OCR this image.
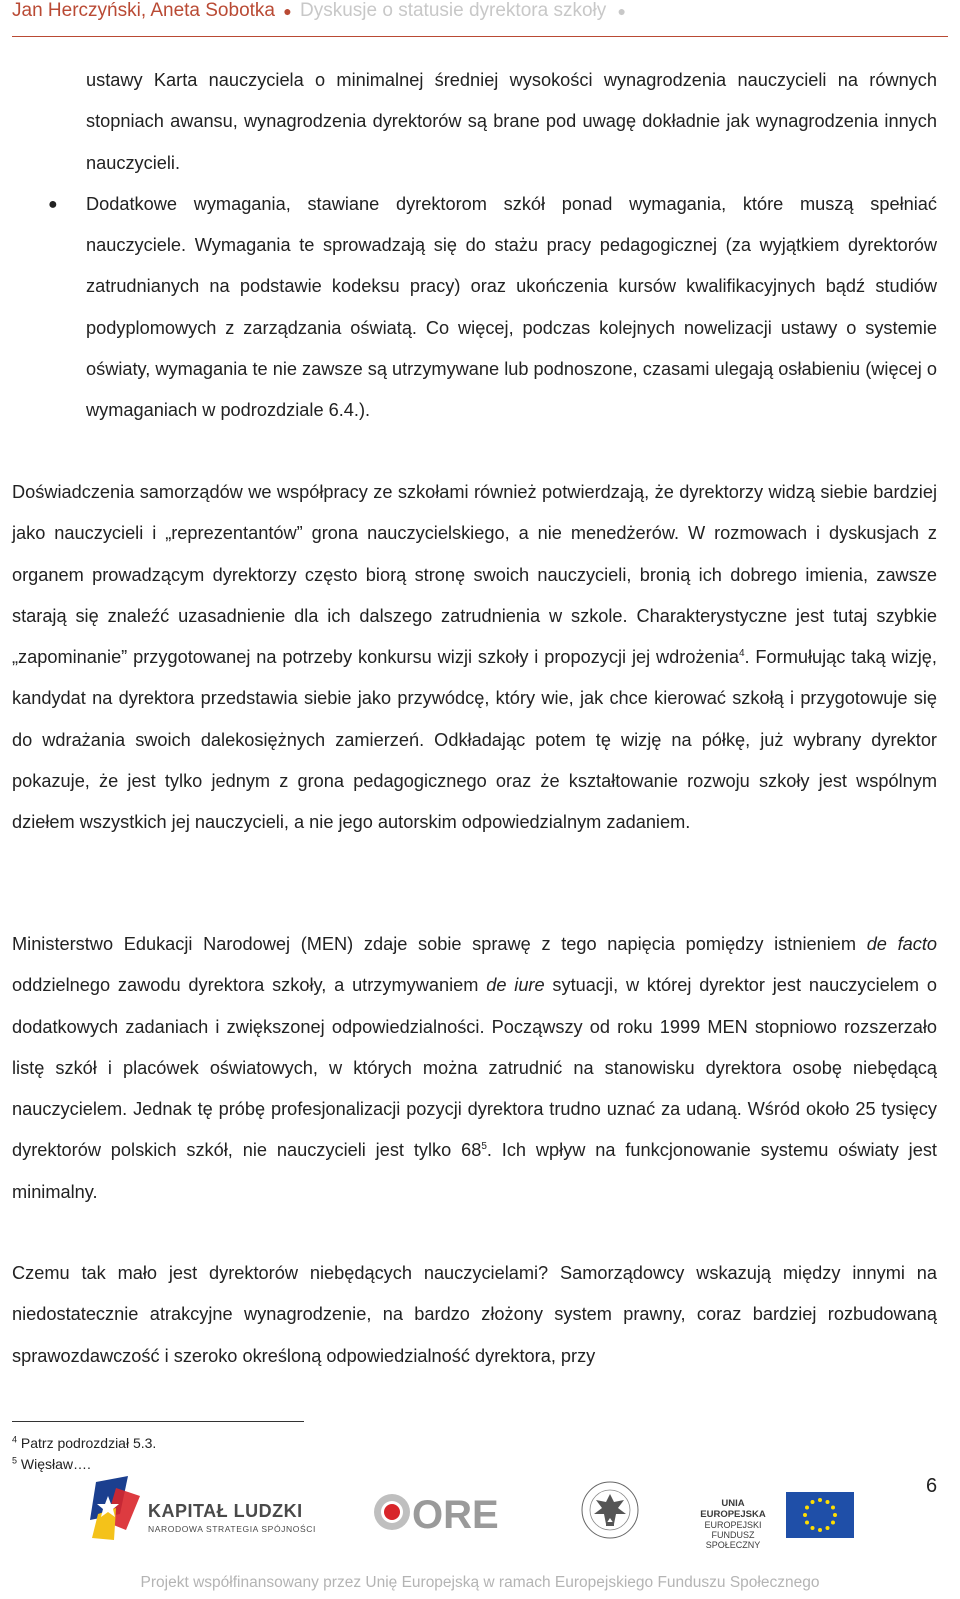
Jan Herczyński, Aneta Sobotka ● Dyskusje o statusie dyrektora szkoły ●
ustawy Karta nauczyciela o minimalnej średniej wysokości wynagrodzenia nauczycieli na równych stopniach awansu, wynagrodzenia dyrektorów są brane pod uwagę dokładnie jak wynagrodzenia innych nauczycieli.
● Dodatkowe wymagania, stawiane dyrektorom szkół ponad wymagania, które muszą spełniać nauczyciele. Wymagania te sprowadzają się do stażu pracy pedagogicznej (za wyjątkiem dyrektorów zatrudnianych na podstawie kodeksu pracy) oraz ukończenia kursów kwalifikacyjnych bądź studiów podyplomowych z zarządzania oświatą. Co więcej, podczas kolejnych nowelizacji ustawy o systemie oświaty, wymagania te nie zawsze są utrzymywane lub podnoszone, czasami ulegają osłabieniu (więcej o wymaganiach w podrozdziale 6.4.).
Doświadczenia samorządów we współpracy ze szkołami również potwierdzają, że dyrektorzy widzą siebie bardziej jako nauczycieli i „reprezentantów” grona nauczycielskiego, a nie menedżerów. W rozmowach i dyskusjach z organem prowadzącym dyrektorzy często biorą stronę swoich nauczycieli, bronią ich dobrego imienia, zawsze starają się znaleźć uzasadnienie dla ich dalszego zatrudnienia w szkole. Charakterystyczne jest tutaj szybkie „zapominanie” przygotowanej na potrzeby konkursu wizji szkoły i propozycji jej wdrożenia$^4$. Formułując taką wizję, kandydat na dyrektora przedstawia siebie jako przywódcę, który wie, jak chce kierować szkołą i przygotowuje się do wdrażania swoich dalekosiężnych zamierzeń. Odkładając potem tę wizję na półkę, już wybrany dyrektor pokazuje, że jest tylko jednym z grona pedagogicznego oraz że kształtowanie rozwoju szkoły jest wspólnym dziełem wszystkich jej nauczycieli, a nie jego autorskim odpowiedzialnym zadaniem.
Ministerstwo Edukacji Narodowej (MEN) zdaje sobie sprawę z tego napięcia pomiędzy istnieniem de facto oddzielnego zawodu dyrektora szkoły, a utrzymywaniem de iure sytuacji, w której dyrektor jest nauczycielem o dodatkowych zadaniach i zwiększonej odpowiedzialności. Począwszy od roku 1999 MEN stopniowo rozszerzało listę szkół i placówek oświatowych, w których można zatrudnić na stanowisku dyrektora osobę niebędącą nauczycielem. Jednak tę próbę profesjonalizacji pozycji dyrektora trudno uznać za udaną. Wśród około 25 tysięcy dyrektorów polskich szkół, nie nauczycieli jest tylko $68^5$. Ich wpływ na funkcjonowanie systemu oświaty jest minimalny.
Czemu tak mało jest dyrektorów niebędących nauczycielami? Samorządowcy wskazują między innymi na niedostatecznie atrakcyjne wynagrodzenie, na bardzo złożony system prawny, coraz bardziej rozbudowaną sprawozdawczość i szeroko określoną odpowiedzialność dyrektora, przy
$^4$ Patrz podrozdział 5.3.
$^5$ Więsław….
6
KAPITAŁ LUDZKI
NARODOWA STRATEGIA SPÓJNOŚCI ORE	UNIA EUROPEJSKA
EUROPEJSKI
FUNDUSZ SPOŁECZNY
Projekt współfinansowany przez Unię Europejską w ramach Europejskiego Funduszu Społecznego
